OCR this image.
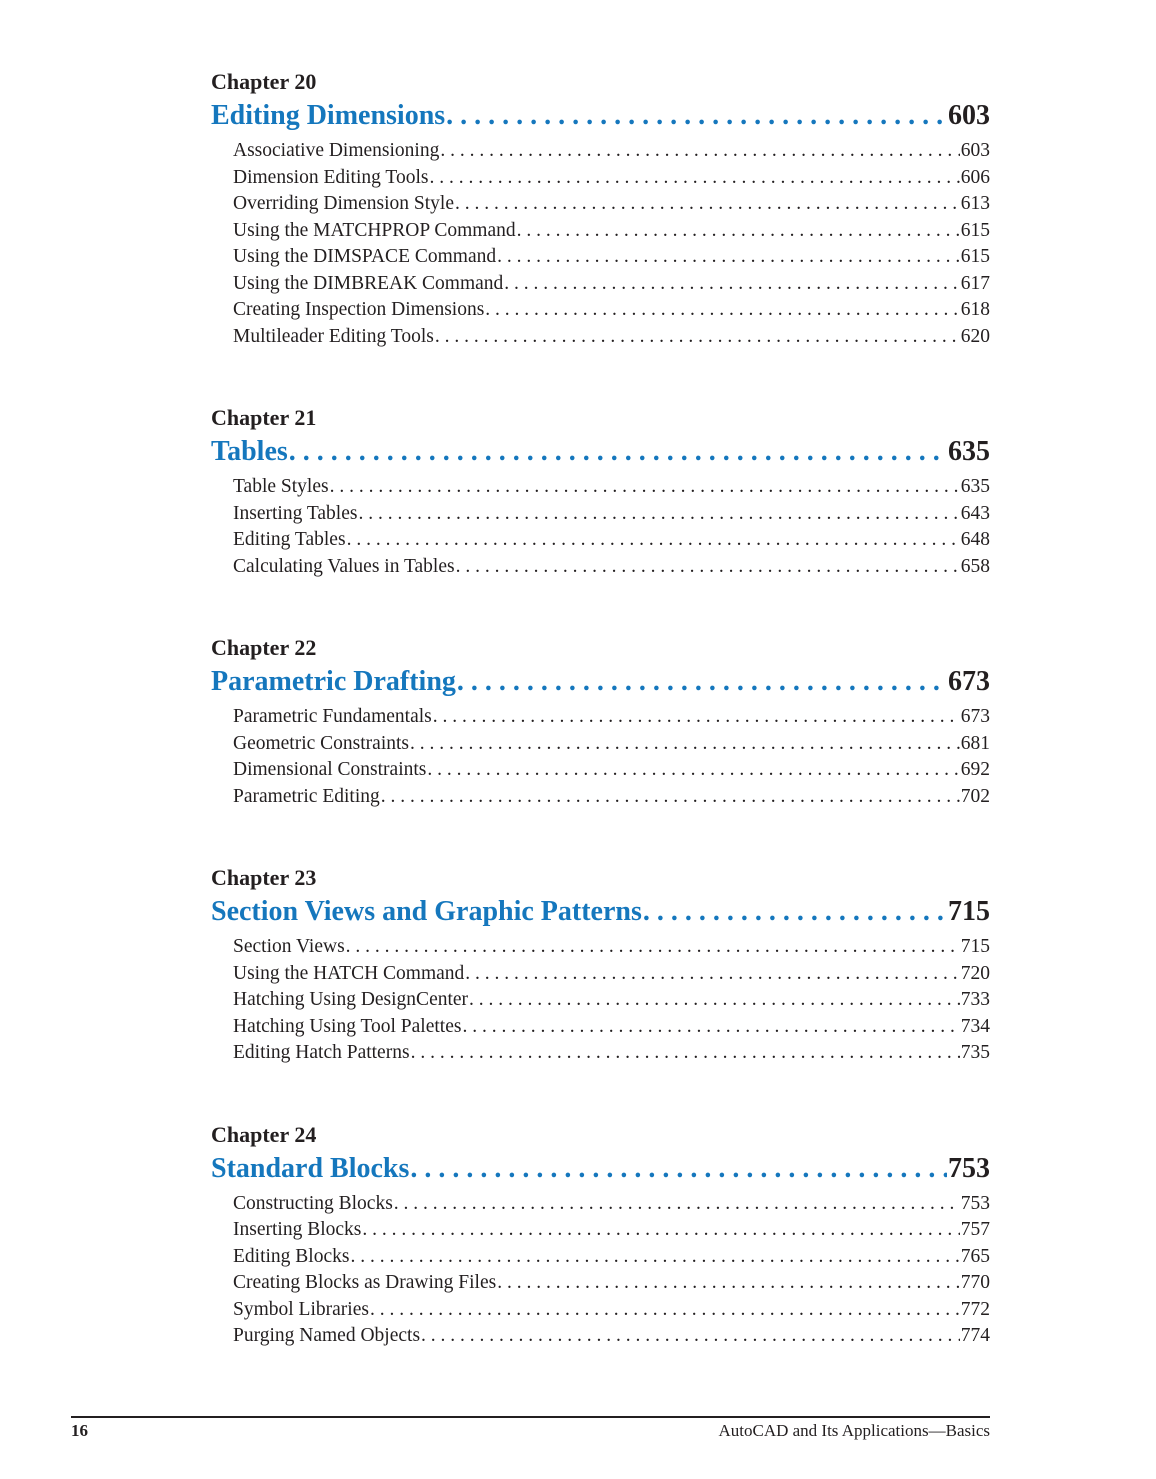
Chapter 20
Editing Dimensions . . .	603
Associative Dimensioning . . .	603
Dimension Editing Tools . . .	606
Overriding Dimension Style . . .	613
Using the MATCHPROP Command . . .	615
Using the DIMSPACE Command . . .	615
Using the DIMBREAK Command . . .	617
Creating Inspection Dimensions . . .	618
Multileader Editing Tools . . .	620
Chapter 21
Tables . . .	635
Table Styles . . .	635
Inserting Tables . . .	643
Editing Tables . . .	648
Calculating Values in Tables . . .	658
Chapter 22
Parametric Drafting . . .	673
Parametric Fundamentals . . .	673
Geometric Constraints . . .	681
Dimensional Constraints . . .	692
Parametric Editing . . .	702
Chapter 23
Section Views and Graphic Patterns . . .	715
Section Views . . .	715
Using the HATCH Command . . .	720
Hatching Using DesignCenter . . .	733
Hatching Using Tool Palettes . . .	734
Editing Hatch Patterns . . .	735
Chapter 24
Standard Blocks . . .	753
Constructing Blocks . . .	753
Inserting Blocks . . .	757
Editing Blocks . . .	765
Creating Blocks as Drawing Files . . .	770
Symbol Libraries . . .	772
Purging Named Objects . . .	774
16	AutoCAD and Its Applications—Basics
